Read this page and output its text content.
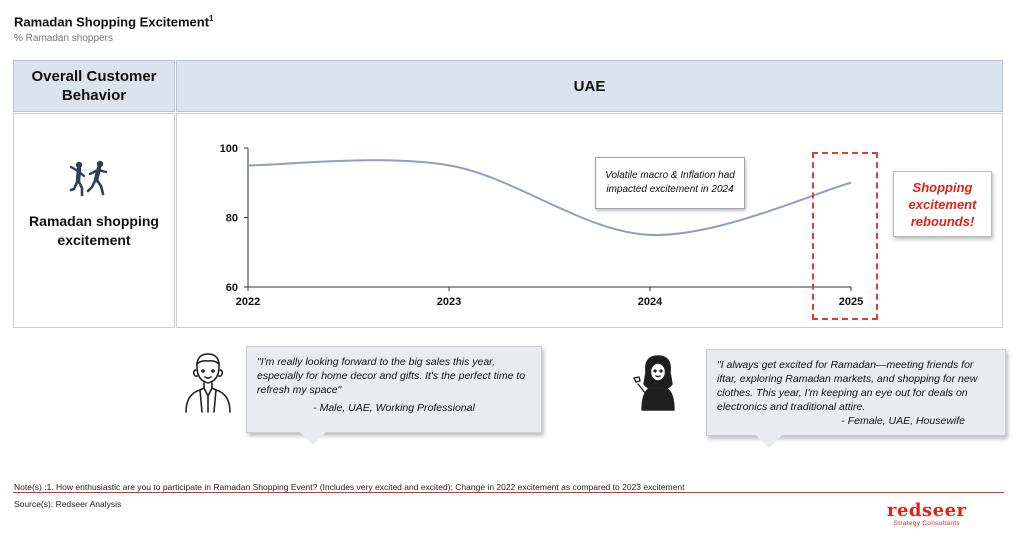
Ramadan Shopping Excitement$^1$
% Ramadan shoppers
Overall Customer Behavior
UAE
Ramadan shopping excitement
100
80
60
2022	2023	2024	2025
Volatile macro & Inflation had impacted excitement in 2024	Shopping excitement rebounds!
"I'm really looking forward to the big sales this year, especially for home decor and gifts. It's the perfect time to refresh my space"
- Male, UAE, Working Professional
"I always get excited for Ramadan—meeting friends for iftar, exploring Ramadan markets, and shopping for new clothes. This year, I'm keeping an eye out for deals on electronics and traditional attire.
- Female, UAE, Housewife
Note(s) :1. How enthusiastic are you to participate in Ramadan Shopping Event? (Includes very excited and excited); Change in 2022 excitement as compared to 2023 excitement
Source(s): Redseer Analysis	redseer
Strategy Consultants
